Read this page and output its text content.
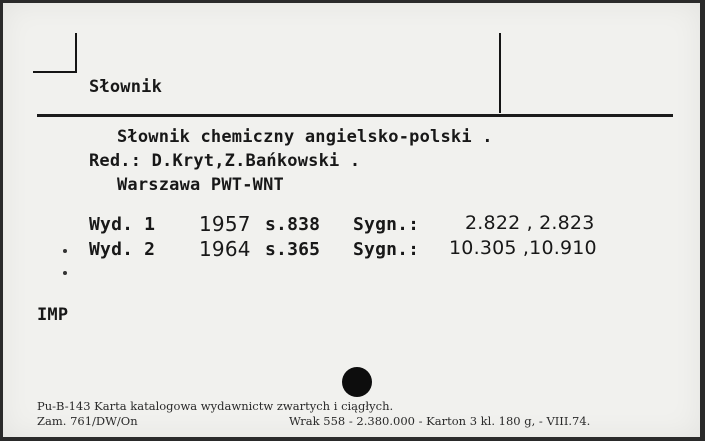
Słownik
Słownik chemiczny angielsko-polski .
Red.: D.Kryt,Z.Bańkowski .
Warszawa PWT-WNT
Wyd. 1 1957 s.838 Sygn.: 2.822 , 2.823
Wyd. 2 1964 s.365 Sygn.: 10.305 ,10.910
IMP
Pu-B-143 Karta katalogowa wydawnictw zwartych i ciągłych.
Zam. 761/DW/On	Wrak 558 - 2.380.000 - Karton 3 kl. 180 g, - VIII.74.
